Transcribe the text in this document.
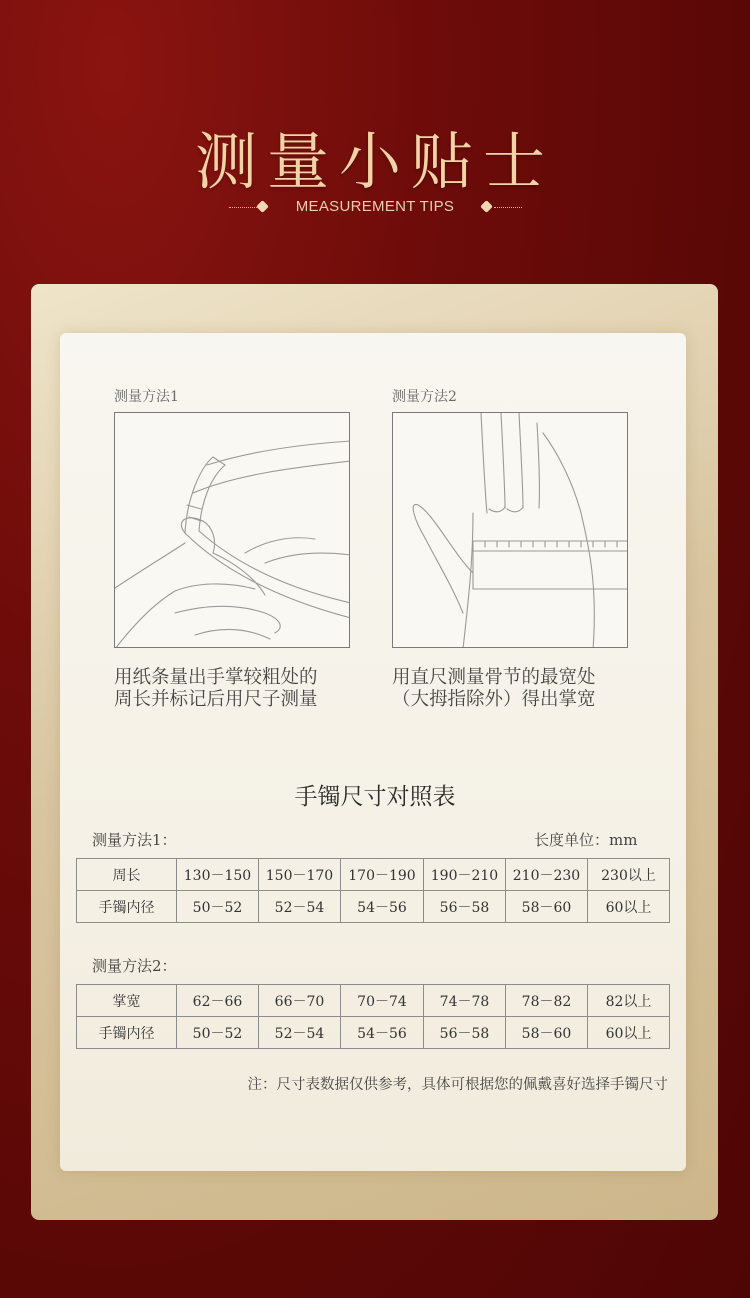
测量小贴士
MEASUREMENT TIPS
测量方法1
用纸条量出手掌较粗处的
周长并标记后用尺子测量
测量方法2
用直尺测量骨节的最宽处
（大拇指除外）得出掌宽
手镯尺寸对照表
测量方法1：	长度单位：mm
周长	130－150	150－170	170－190	190－210	210－230	230以上
手镯内径	50－52	52－54	54－56	56－58	58－60	60以上
测量方法2：
掌宽	62－66	66－70	70－74	74－78	78－82	82以上
手镯内径	50－52	52－54	54－56	56－58	58－60	60以上
注：尺寸表数据仅供参考，具体可根据您的佩戴喜好选择手镯尺寸
